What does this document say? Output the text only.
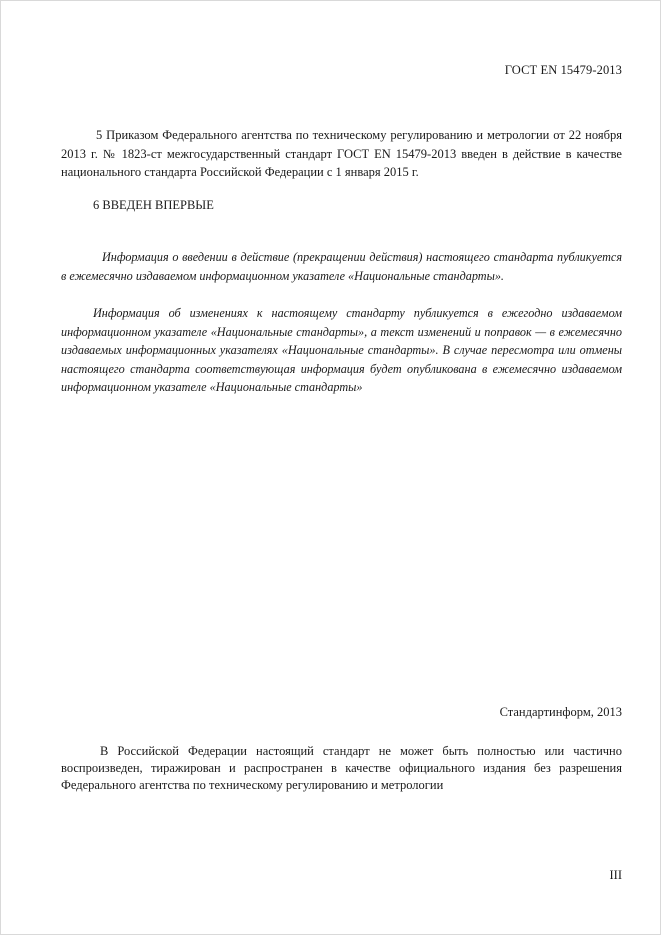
ГОСТ EN 15479-2013

5 Приказом Федерального агентства по техническому регулированию и метрологии от 22 ноября 2013 г. № 1823-ст межгосударственный стандарт ГОСТ EN 15479-2013 введен в действие в качестве национального стандарта Российской Федерации с 1 января 2015 г.

6 ВВЕДЕН ВПЕРВЫЕ

Информация о введении в действие (прекращении действия) настоящего стандарта публикуется в ежемесячно издаваемом информационном указателе «Национальные стандарты».

Информация об изменениях к настоящему стандарту публикуется в ежегодно издаваемом информационном указателе «Национальные стандарты», а текст изменений и поправок — в ежемесячно издаваемых информационных указателях «Национальные стандарты». В случае пересмотра или отмены настоящего стандарта соответствующая информация будет опубликована в ежемесячно издаваемом информационном указателе «Национальные стандарты»

Стандартинформ, 2013

В Российской Федерации настоящий стандарт не может быть полностью или частично воспроизведен, тиражирован и распространен в качестве официального издания без разрешения Федерального агентства по техническому регулированию и метрологии

III
